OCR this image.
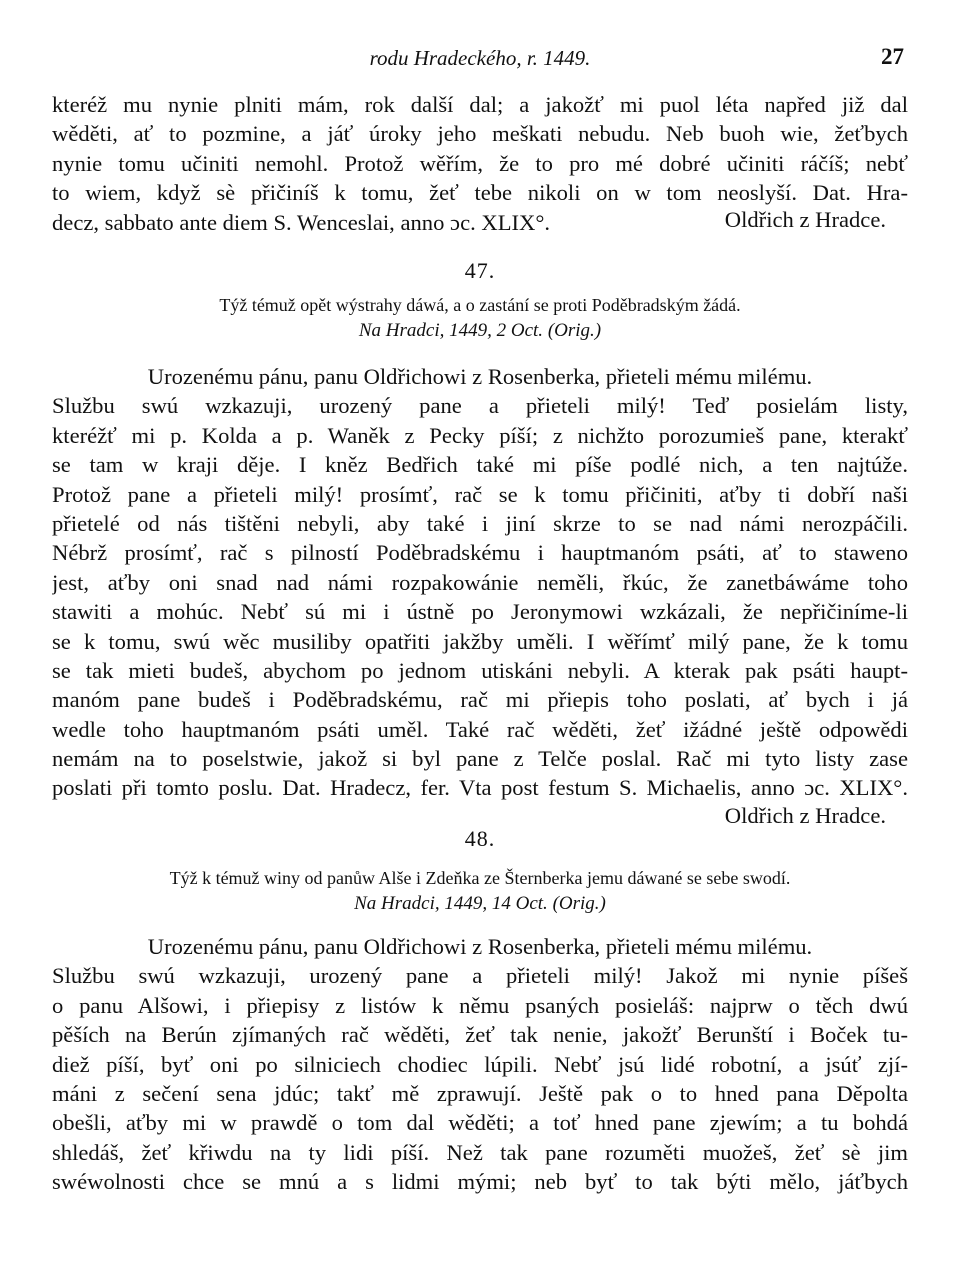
rodu Hradeckého, r. 1449.	27
kteréž mu nynie plniti mám, rok další dal; a jakožť mi puol léta napřed již dal
wěděti, ať to pozmine, a jáť úroky jeho meškati nebudu. Neb buoh wie, žeťbych
nynie tomu učiniti nemohl. Protož wěřím, že to pro mé dobré učiniti ráčíš; nebť
to wiem, když sè přičiníš k tomu, žeť tebe nikoli on w tom neoslyší. Dat. Hra-
decz, sabbato ante diem S. Wenceslai, anno ɔc. XLIX°.	Oldřich z Hradce.
47.
Týž témuž opět wýstrahy dáwá, a o zastání se proti Poděbradským žádá.
Na Hradci, 1449, 2 Oct. (Orig.)
Urozenému pánu, panu Oldřichowi z Rosenberka, přieteli mému milému.
Službu swú wzkazuji, urozený pane a přieteli milý! Teď posielám listy,
kteréžť mi p. Kolda a p. Waněk z Pecky píší; z nichžto porozumieš pane, kterakť
se tam w kraji děje. I kněz Bedřich také mi píše podlé nich, a ten najtúže.
Protož pane a přieteli milý! prosímť, rač se k tomu přičiniti, aťby ti dobří naši
přietelé od nás tištěni nebyli, aby také i jiní skrze to se nad námi nerozpáčili.
Nébrž prosímť, rač s pilností Poděbradskému i hauptmanóm psáti, ať to staweno
jest, aťby oni snad nad námi rozpakowánie neměli, řkúc, že zanetbáwáme toho
stawiti a mohúc. Nebť sú mi i ústně po Jeronymowi wzkázali, že nepřičiníme-li
se k tomu, swú wěc musiliby opatřiti jakžby uměli. I wěřímť milý pane, že k tomu
se tak mieti budeš, abychom po jednom utiskáni nebyli. A kterak pak psáti haupt-
manóm pane budeš i Poděbradskému, rač mi přiepis toho poslati, ať bych i já
wedle toho hauptmanóm psáti uměl. Také rač wěděti, žeť ižádné ještě odpowědi
nemám na to poselstwie, jakož si byl pane z Telče poslal. Rač mi tyto listy zase
poslati při tomto poslu. Dat. Hradecz, fer. Vta post festum S. Michaelis, anno ɔc. XLIX°.
Oldřich z Hradce.
48.
Týž k témuž winy od panůw Alše i Zdeňka ze Šternberka jemu dáwané se sebe swodí.
Na Hradci, 1449, 14 Oct. (Orig.)
Urozenému pánu, panu Oldřichowi z Rosenberka, přieteli mému milému.
Službu swú wzkazuji, urozený pane a přieteli milý! Jakož mi nynie píšeš
o panu Alšowi, i přiepisy z listów k němu psaných posieláš: najprw o těch dwú
pěších na Berún zjímaných rač wěděti, žeť tak nenie, jakožť Berunští i Boček tu-
diež píší, byť oni po silniciech chodiec lúpili. Nebť jsú lidé robotní, a jsúť zjí-
máni z sečení sena jdúc; takť mě zprawují. Ještě pak o to hned pana Děpolta
obešli, aťby mi w prawdě o tom dal wěděti; a toť hned pane zjewím; a tu bohdá
shledáš, žeť křiwdu na ty lidi píší. Než tak pane rozuměti muožeš, žeť sè jim
swéwolnosti chce se mnú a s lidmi mými; neb byť to tak býti mělo, jáťbych
